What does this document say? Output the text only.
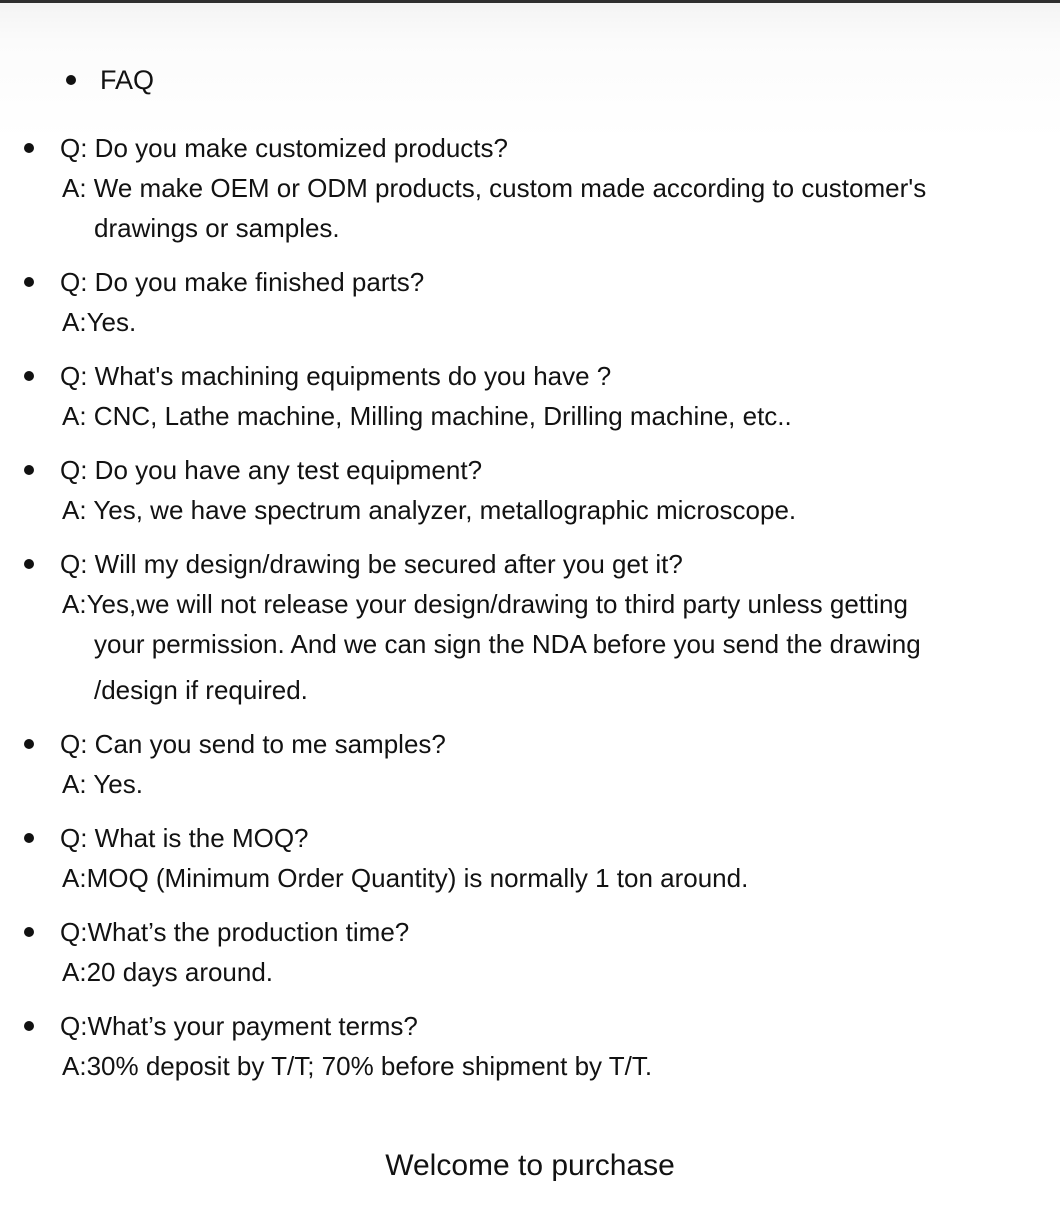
FAQ
Q: Do you make customized products?
A: We make OEM or ODM products, custom made according to customer's
drawings or samples.
Q: Do you make finished parts?
A:Yes.
Q: What's machining equipments do you have ?
A: CNC, Lathe machine, Milling machine, Drilling machine, etc..
Q: Do you have any test equipment?
A: Yes, we have spectrum analyzer, metallographic microscope.
Q: Will my design/drawing be secured after you get it?
A:Yes,we will not release your design/drawing to third party unless getting
your permission. And we can sign the NDA before you send the drawing
/design if required.
Q: Can you send to me samples?
A: Yes.
Q: What is the MOQ?
A:MOQ (Minimum Order Quantity) is normally 1 ton around.
Q:What’s the production time?
A:20 days around.
Q:What’s your payment terms?
A:30% deposit by T/T; 70% before shipment by T/T.
Welcome to purchase
